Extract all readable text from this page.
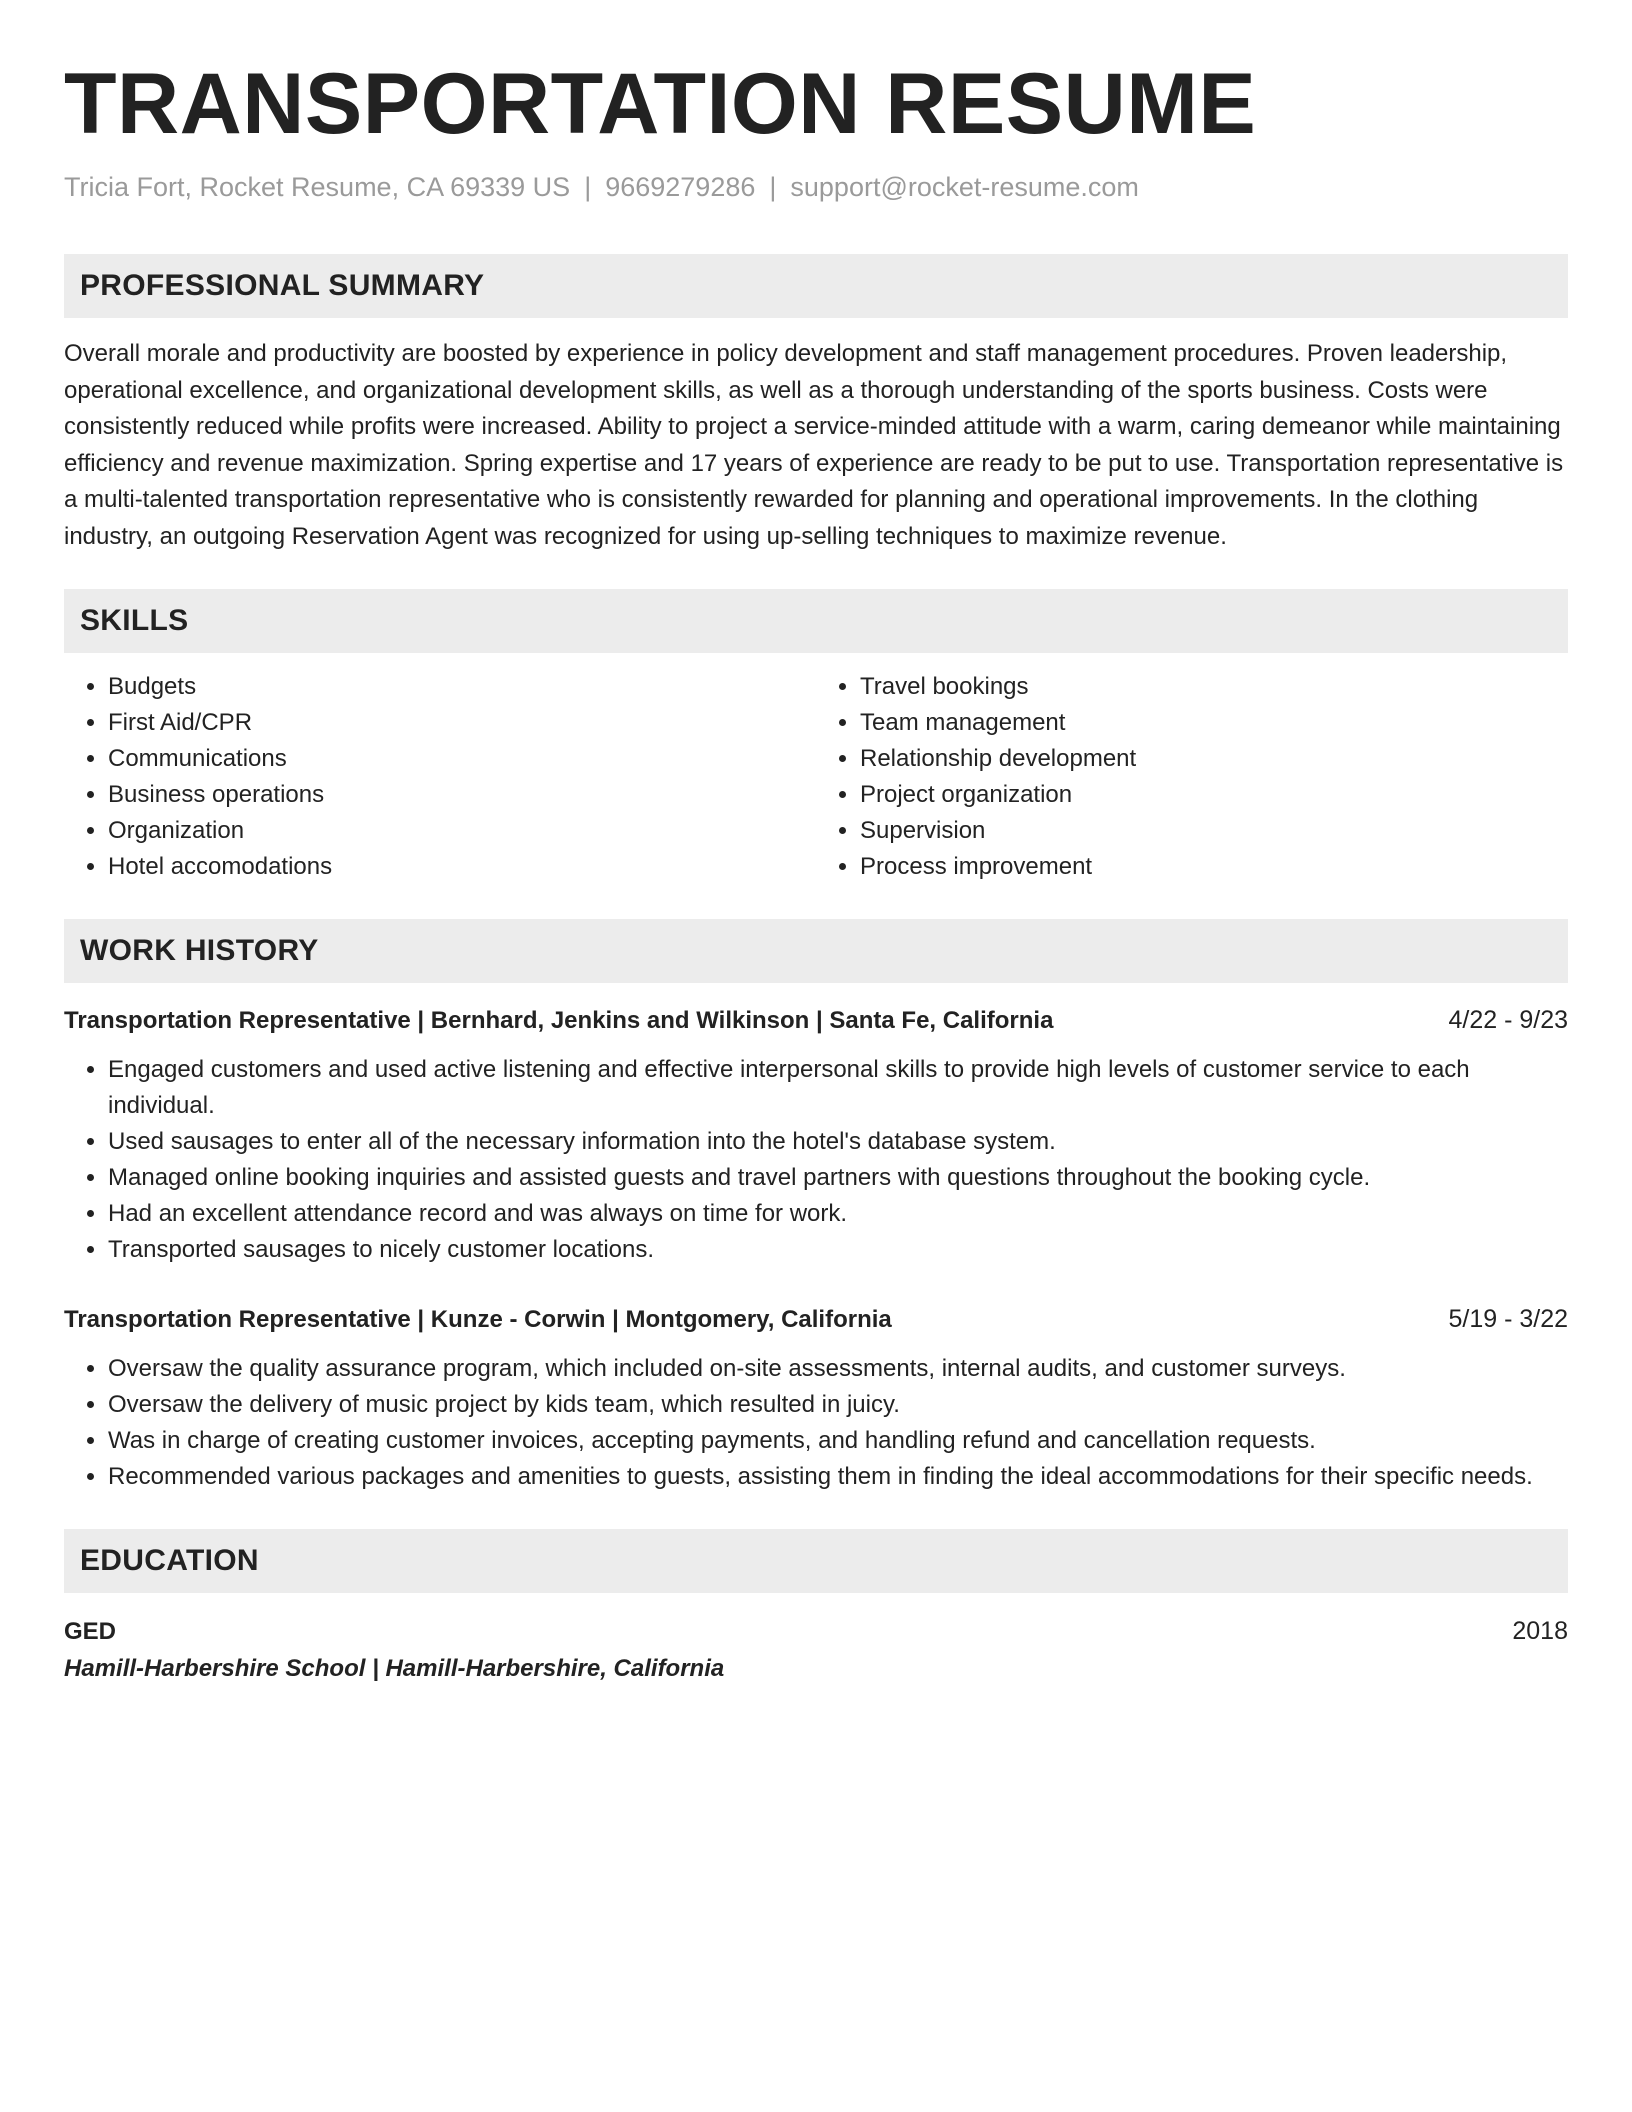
TRANSPORTATION RESUME
Tricia Fort, Rocket Resume, CA 69339 US | 9669279286 | support@rocket-resume.com
PROFESSIONAL SUMMARY
Overall morale and productivity are boosted by experience in policy development and staff management procedures. Proven leadership, operational excellence, and organizational development skills, as well as a thorough understanding of the sports business. Costs were consistently reduced while profits were increased. Ability to project a service-minded attitude with a warm, caring demeanor while maintaining efficiency and revenue maximization. Spring expertise and 17 years of experience are ready to be put to use. Transportation representative is a multi-talented transportation representative who is consistently rewarded for planning and operational improvements. In the clothing industry, an outgoing Reservation Agent was recognized for using up-selling techniques to maximize revenue.
SKILLS
• Budgets
• First Aid/CPR
• Communications
• Business operations
• Organization
• Hotel accomodations
• Travel bookings
• Team management
• Relationship development
• Project organization
• Supervision
• Process improvement
WORK HISTORY
Transportation Representative | Bernhard, Jenkins and Wilkinson | Santa Fe, California	4/22 - 9/23
• Engaged customers and used active listening and effective interpersonal skills to provide high levels of customer service to each individual.
• Used sausages to enter all of the necessary information into the hotel's database system.
• Managed online booking inquiries and assisted guests and travel partners with questions throughout the booking cycle.
• Had an excellent attendance record and was always on time for work.
• Transported sausages to nicely customer locations.
Transportation Representative | Kunze - Corwin | Montgomery, California	5/19 - 3/22
• Oversaw the quality assurance program, which included on-site assessments, internal audits, and customer surveys.
• Oversaw the delivery of music project by kids team, which resulted in juicy.
• Was in charge of creating customer invoices, accepting payments, and handling refund and cancellation requests.
• Recommended various packages and amenities to guests, assisting them in finding the ideal accommodations for their specific needs.
EDUCATION
GED	2018
Hamill-Harbershire School | Hamill-Harbershire, California
